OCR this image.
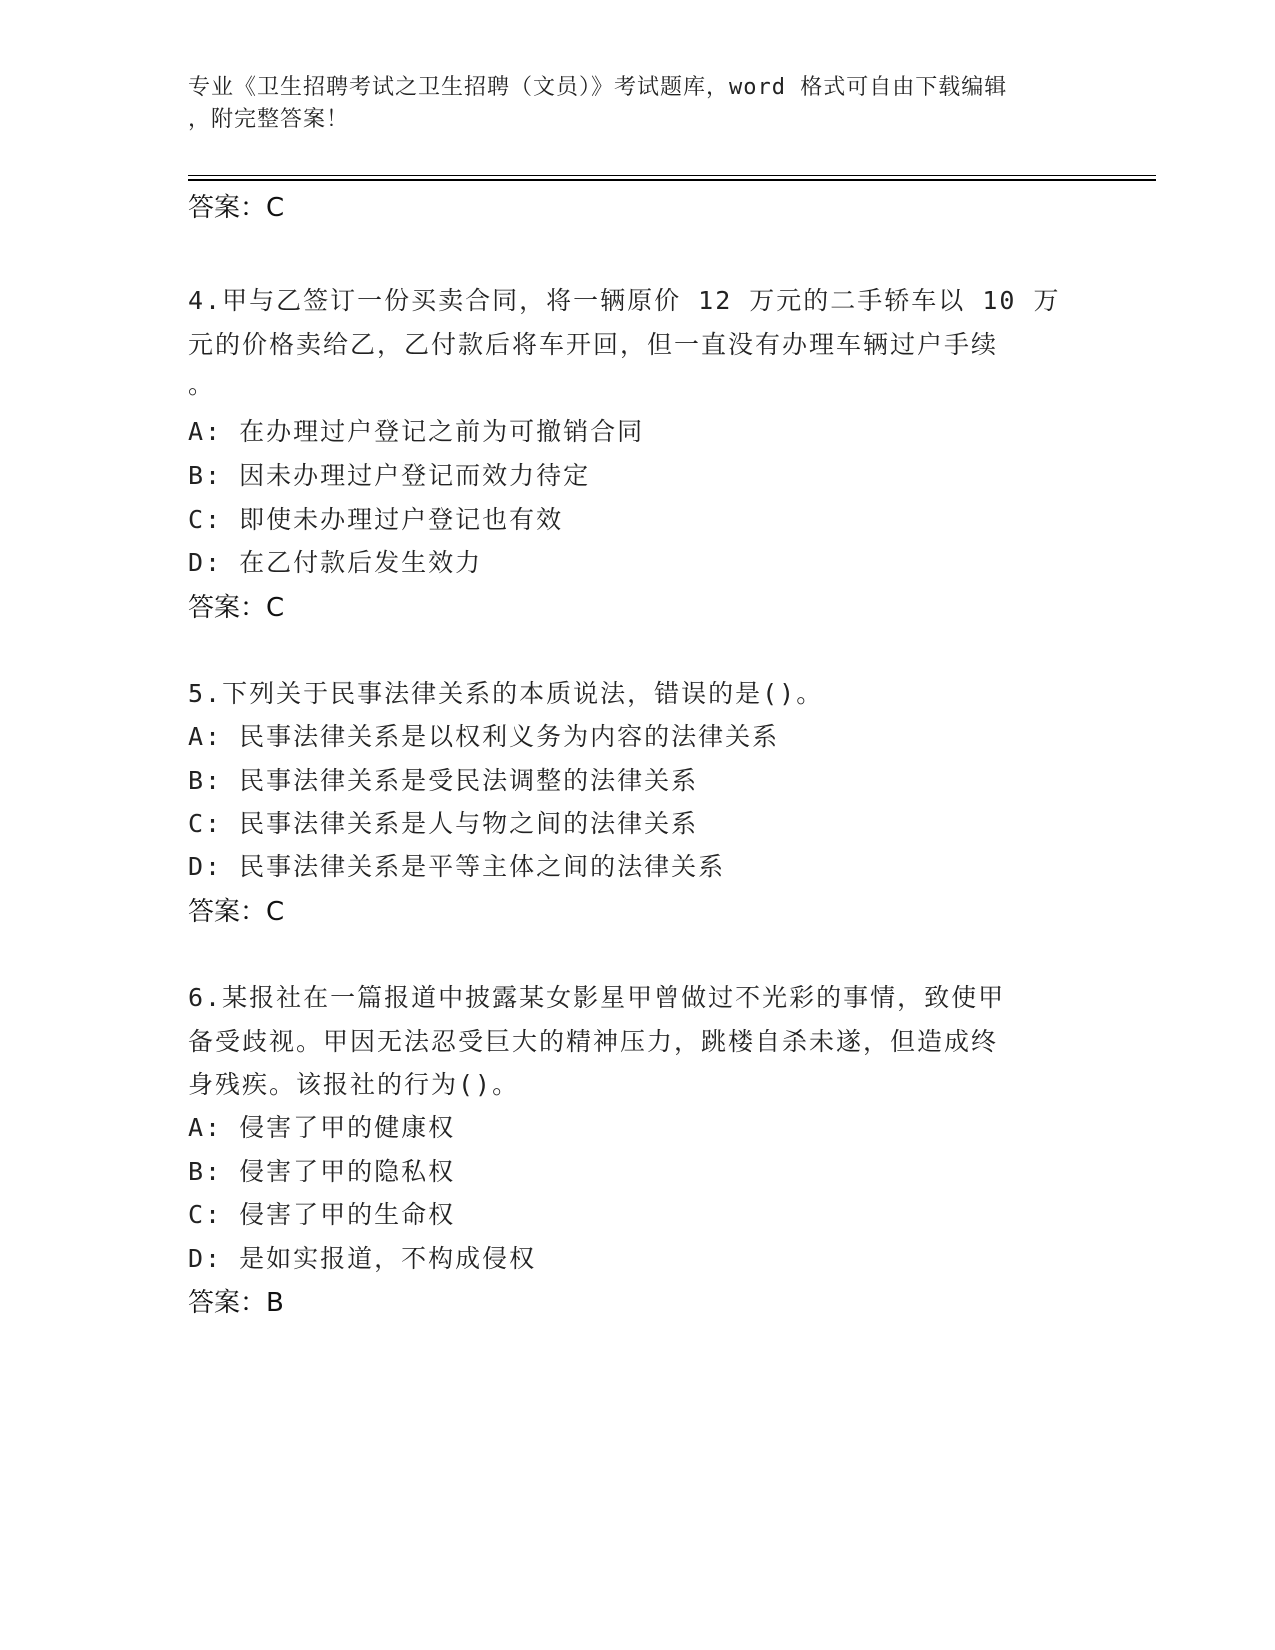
专业《卫生招聘考试之卫生招聘（文员）》考试题库，word 格式可自由下载编辑
，附完整答案！
答案：C
4.甲与乙签订一份买卖合同，将一辆原价 12 万元的二手轿车以 10 万
元的价格卖给乙，乙付款后将车开回，但一直没有办理车辆过户手续
。
A: 在办理过户登记之前为可撤销合同
B: 因未办理过户登记而效力待定
C: 即使未办理过户登记也有效
D: 在乙付款后发生效力
答案：C
5.下列关于民事法律关系的本质说法，错误的是()。
A: 民事法律关系是以权利义务为内容的法律关系
B: 民事法律关系是受民法调整的法律关系
C: 民事法律关系是人与物之间的法律关系
D: 民事法律关系是平等主体之间的法律关系
答案：C
6.某报社在一篇报道中披露某女影星甲曾做过不光彩的事情，致使甲
备受歧视。甲因无法忍受巨大的精神压力，跳楼自杀未遂，但造成终
身残疾。该报社的行为()。
A: 侵害了甲的健康权
B: 侵害了甲的隐私权
C: 侵害了甲的生命权
D: 是如实报道，不构成侵权
答案：B
